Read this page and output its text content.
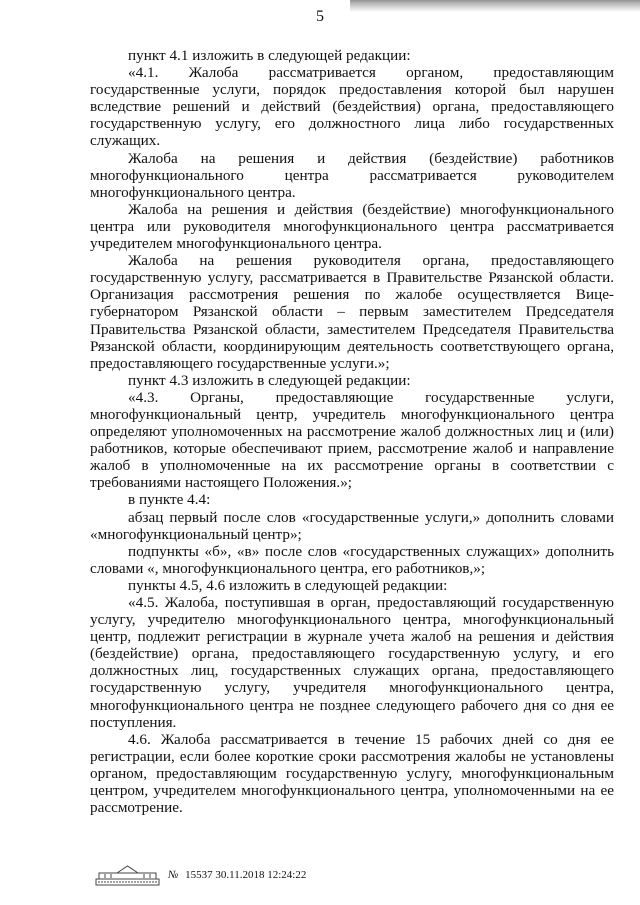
5

пункт 4.1 изложить в следующей редакции:

«4.1. Жалоба рассматривается органом, предоставляющим государственные услуги, порядок предоставления которой был нарушен вследствие решений и действий (бездействия) органа, предоставляющего государственную услугу, его должностного лица либо государственных служащих.

Жалоба на решения и действия (бездействие) работников многофункционального центра рассматривается руководителем многофункционального центра.

Жалоба на решения и действия (бездействие) многофункционального центра или руководителя многофункционального центра рассматривается учредителем многофункционального центра.

Жалоба на решения руководителя органа, предоставляющего государственную услугу, рассматривается в Правительстве Рязанской области. Организация рассмотрения решения по жалобе осуществляется Вице-губернатором Рязанской области – первым заместителем Председателя Правительства Рязанской области, заместителем Председателя Правительства Рязанской области, координирующим деятельность соответствующего органа, предоставляющего государственные услуги.»;

пункт 4.3 изложить в следующей редакции:

«4.3. Органы, предоставляющие государственные услуги, многофункциональный центр, учредитель многофункционального центра определяют уполномоченных на рассмотрение жалоб должностных лиц и (или) работников, которые обеспечивают прием, рассмотрение жалоб и направление жалоб в уполномоченные на их рассмотрение органы в соответствии с требованиями настоящего Положения.»;

в пункте 4.4:

абзац первый после слов «государственные услуги,» дополнить словами «многофункциональный центр»;

подпункты «б», «в» после слов «государственных служащих» дополнить словами «, многофункционального центра, его работников,»;

пункты 4.5, 4.6 изложить в следующей редакции:

«4.5. Жалоба, поступившая в орган, предоставляющий государственную услугу, учредителю многофункционального центра, многофункциональный центр, подлежит регистрации в журнале учета жалоб на решения и действия (бездействие) органа, предоставляющего государственную услугу, и его должностных лиц, государственных служащих органа, предоставляющего государственную услугу, учредителя многофункционального центра, многофункционального центра не позднее следующего рабочего дня со дня ее поступления.

4.6. Жалоба рассматривается в течение 15 рабочих дней со дня ее регистрации, если более короткие сроки рассмотрения жалобы не установлены органом, предоставляющим государственную услугу, многофункциональным центром, учредителем многофункционального центра, уполномоченными на ее рассмотрение.

№ 15537 30.11.2018 12:24:22
